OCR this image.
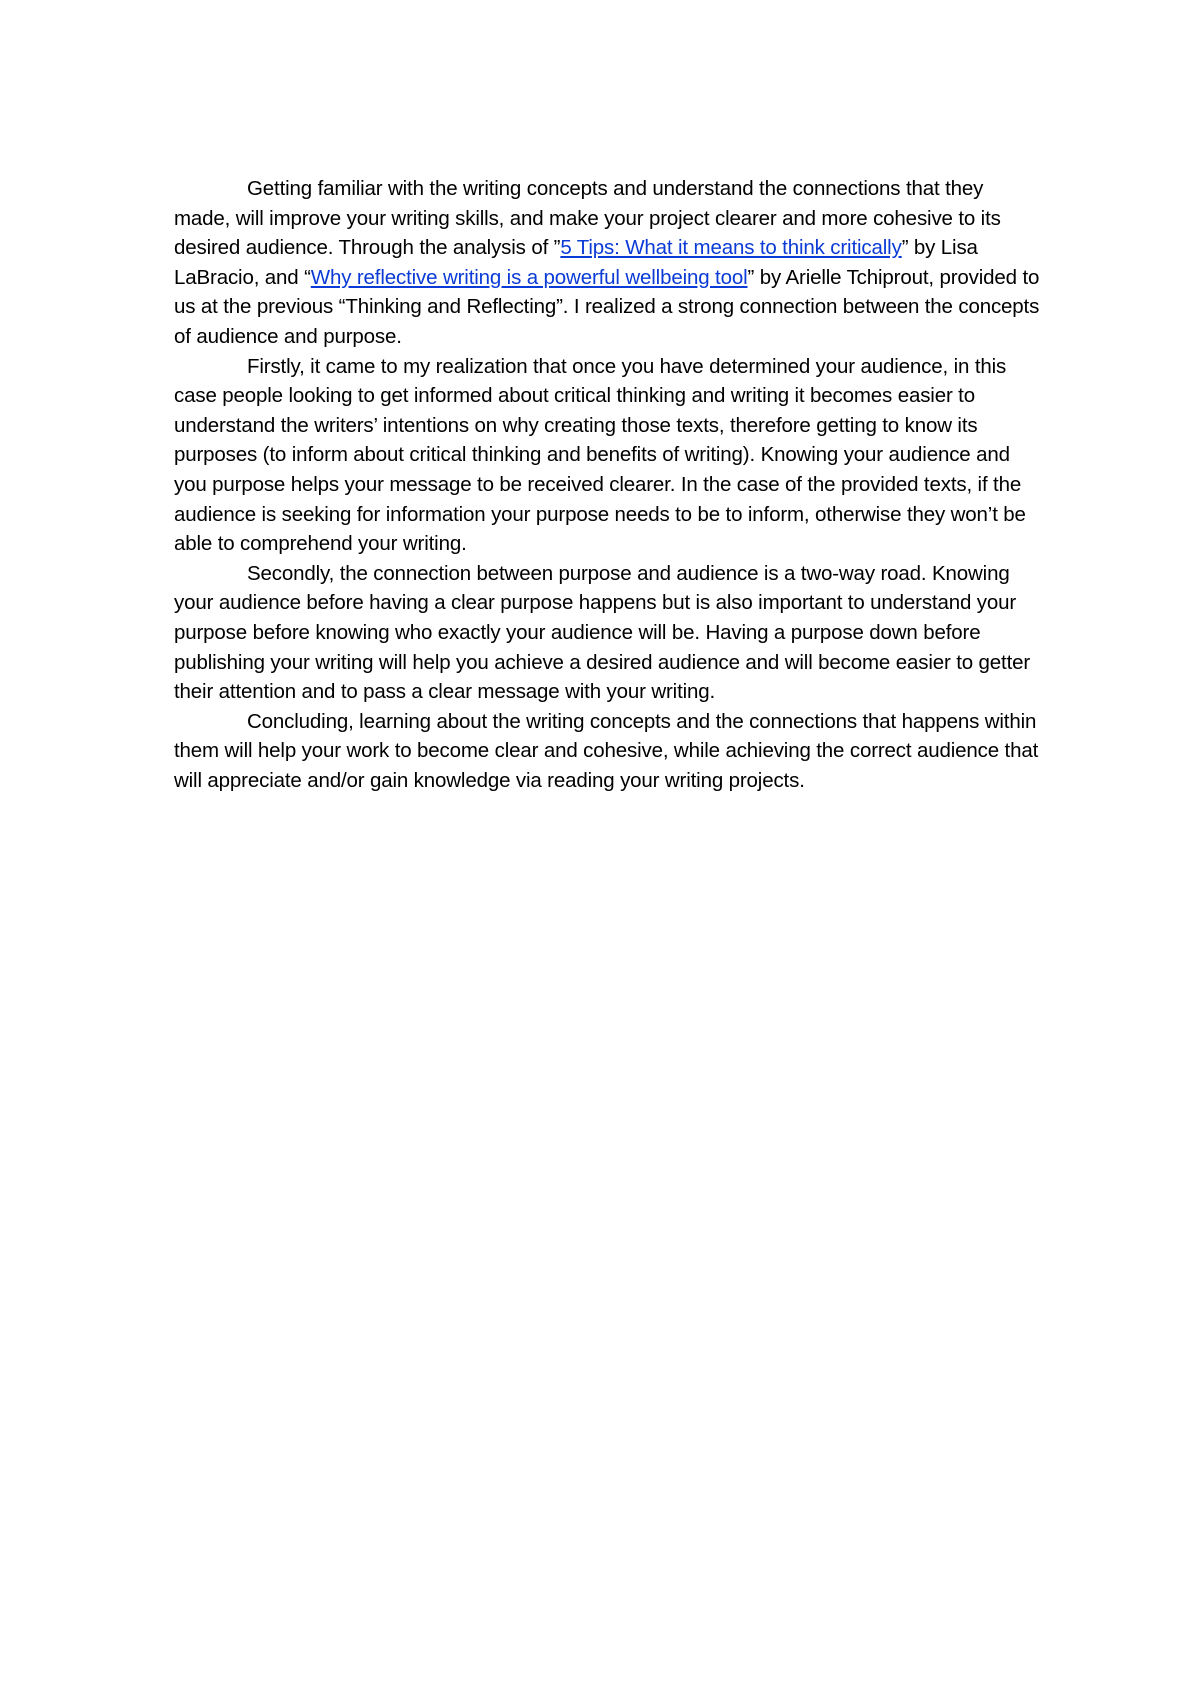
Getting familiar with the writing concepts and understand the connections that they made, will improve your writing skills, and make your project clearer and more cohesive to its desired audience. Through the analysis of ”5 Tips: What it means to think critically” by Lisa LaBracio, and “Why reflective writing is a powerful wellbeing tool” by Arielle Tchiprout, provided to us at the previous “Thinking and Reflecting”. I realized a strong connection between the concepts of audience and purpose.

Firstly, it came to my realization that once you have determined your audience, in this case people looking to get informed about critical thinking and writing it becomes easier to understand the writers’ intentions on why creating those texts, therefore getting to know its purposes (to inform about critical thinking and benefits of writing). Knowing your audience and you purpose helps your message to be received clearer. In the case of the provided texts, if the audience is seeking for information your purpose needs to be to inform, otherwise they won’t be able to comprehend your writing.

Secondly, the connection between purpose and audience is a two-way road. Knowing your audience before having a clear purpose happens but is also important to understand your purpose before knowing who exactly your audience will be. Having a purpose down before publishing your writing will help you achieve a desired audience and will become easier to getter their attention and to pass a clear message with your writing.

Concluding, learning about the writing concepts and the connections that happens within them will help your work to become clear and cohesive, while achieving the correct audience that will appreciate and/or gain knowledge via reading your writing projects.
